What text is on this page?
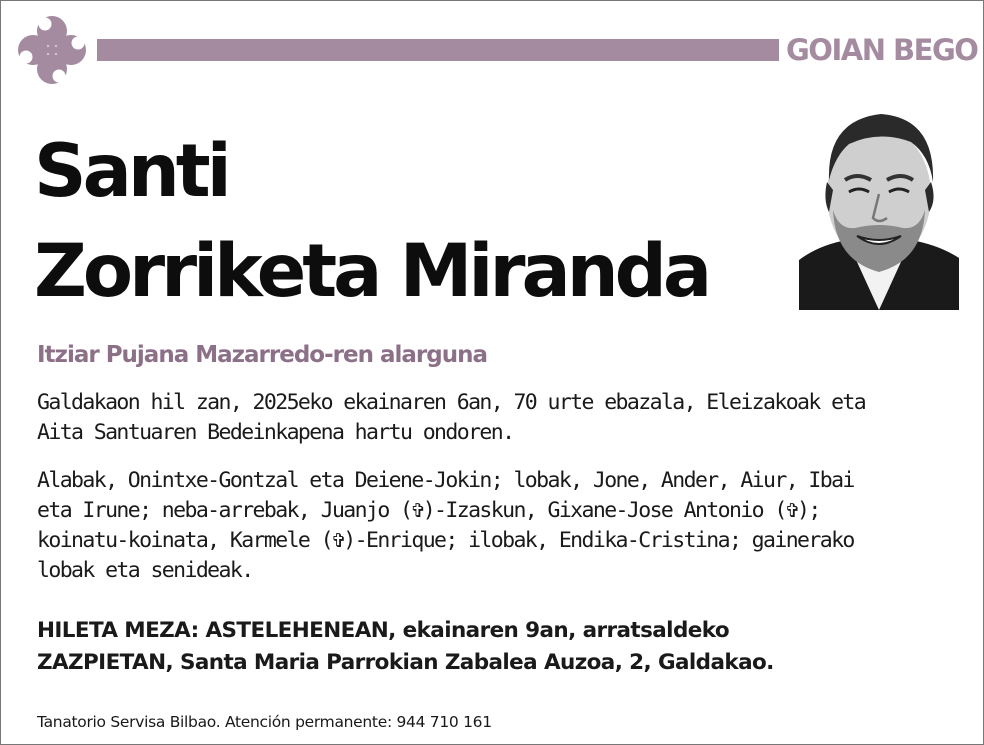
GOIAN BEGO
Santi
Zorriketa Miranda
Itziar Pujana Mazarredo-ren alarguna
Galdakaon hil zan, 2025eko ekainaren 6an, 70 urte ebazala, Eleizakoak eta
Aita Santuaren Bedeinkapena hartu ondoren.
Alabak, Onintxe-Gontzal eta Deiene-Jokin; lobak, Jone, Ander, Aiur, Ibai
eta Irune; neba-arrebak, Juanjo (✞)-Izaskun, Gixane-Jose Antonio (✞);
koinatu-koinata, Karmele (✞)-Enrique; ilobak, Endika-Cristina; gainerako
lobak eta senideak.
HILETA MEZA: ASTELEHENEAN, ekainaren 9an, arratsaldeko
ZAZPIETAN, Santa Maria Parrokian Zabalea Auzoa, 2, Galdakao.
Tanatorio Servisa Bilbao. Atención permanente: 944 710 161
